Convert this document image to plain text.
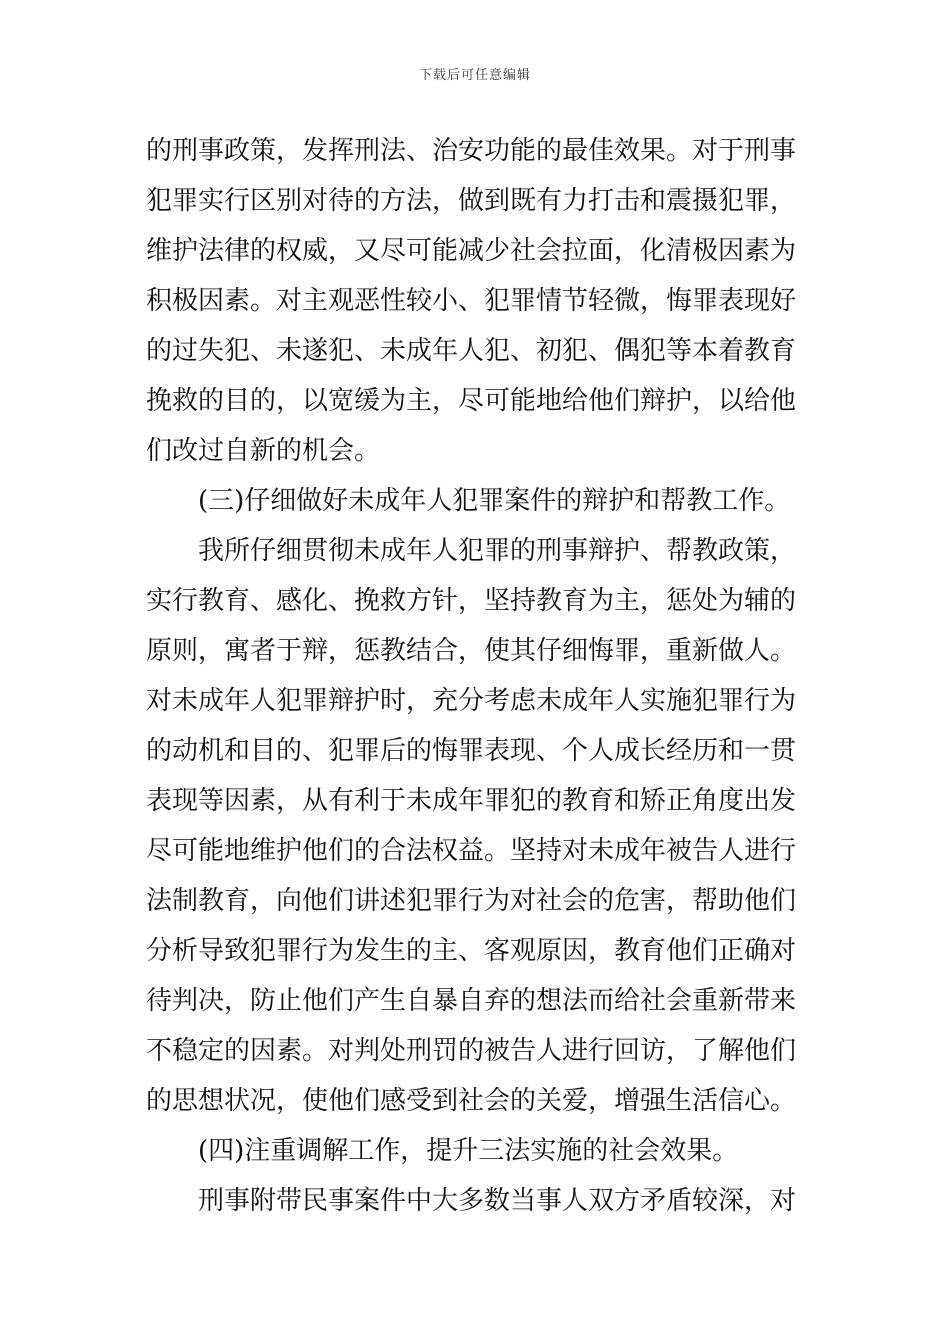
下载后可任意编辑
的刑事政策，发挥刑法、治安功能的最佳效果。对于刑事
犯罪实行区别对待的方法，做到既有力打击和震摄犯罪，
维护法律的权威，又尽可能减少社会拉面，化清极因素为
积极因素。对主观恶性较小、犯罪情节轻微，悔罪表现好
的过失犯、未遂犯、未成年人犯、初犯、偶犯等本着教育
挽救的目的，以宽缓为主，尽可能地给他们辩护，以给他
们改过自新的机会。
(三)仔细做好未成年人犯罪案件的辩护和帮教工作。
我所仔细贯彻未成年人犯罪的刑事辩护、帮教政策，
实行教育、感化、挽救方针，坚持教育为主，惩处为辅的
原则，寓者于辩，惩教结合，使其仔细悔罪，重新做人。
对未成年人犯罪辩护时，充分考虑未成年人实施犯罪行为
的动机和目的、犯罪后的悔罪表现、个人成长经历和一贯
表现等因素，从有利于未成年罪犯的教育和矫正角度出发
尽可能地维护他们的合法权益。坚持对未成年被告人进行
法制教育，向他们讲述犯罪行为对社会的危害，帮助他们
分析导致犯罪行为发生的主、客观原因，教育他们正确对
待判决，防止他们产生自暴自弃的想法而给社会重新带来
不稳定的因素。对判处刑罚的被告人进行回访，了解他们
的思想状况，使他们感受到社会的关爱，增强生活信心。
(四)注重调解工作，提升三法实施的社会效果。
刑事附带民事案件中大多数当事人双方矛盾较深，对
